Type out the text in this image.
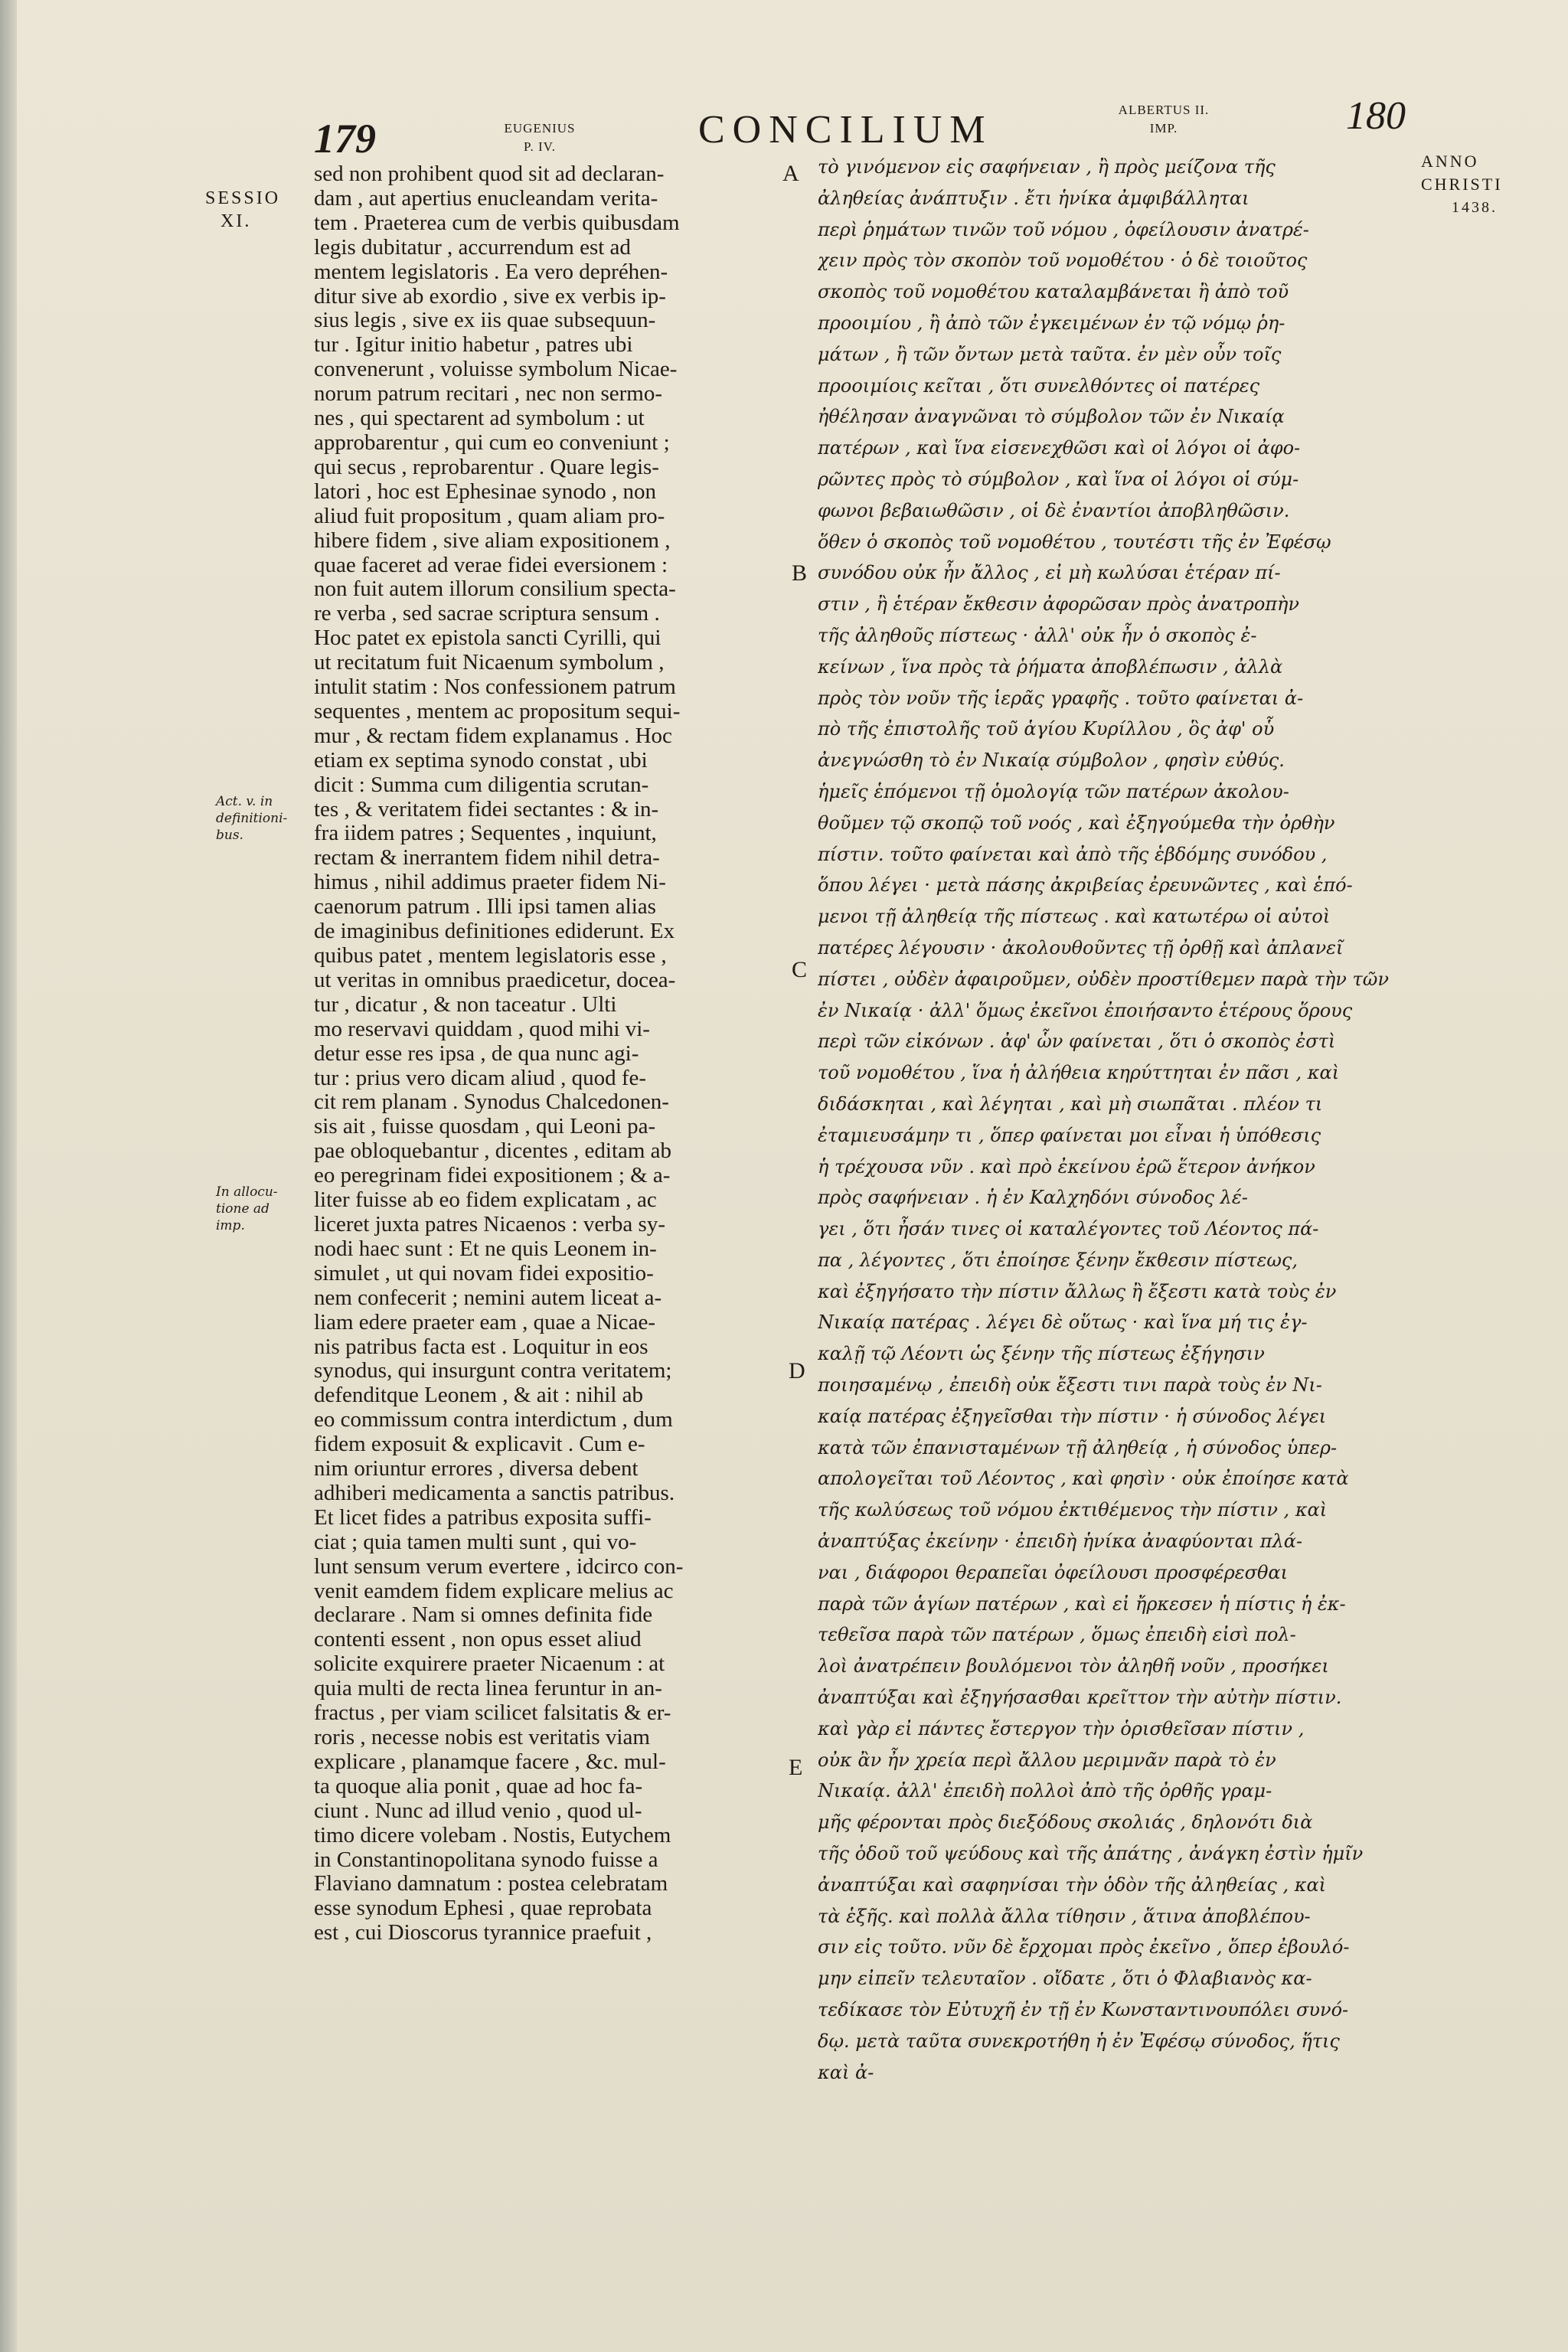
179	EUGENIUS
P. IV.	CONCILIUM	ALBERTUS II.
IMP.	180
SESSIO
XI.
ANNO
CHRISTI
1438.
Act. v. in
definitioni-
bus.
In allocu-
tione ad
imp.
A
B
C
D
E
sed non prohibent quod sit ad declaran-
dam , aut apertius enucleandam verita-
tem . Praeterea cum de verbis quibusdam
legis dubitatur , accurrendum est ad
mentem legislatoris . Ea vero depréhen-
ditur sive ab exordio , sive ex verbis ip-
sius legis , sive ex iis quae subsequun-
tur . Igitur initio habetur , patres ubi
convenerunt , voluisse symbolum Nicae-
norum patrum recitari , nec non sermo-
nes , qui spectarent ad symbolum : ut
approbarentur , qui cum eo conveniunt ;
qui secus , reprobarentur . Quare legis-
latori , hoc est Ephesinae synodo , non
aliud fuit propositum , quam aliam pro-
hibere fidem , sive aliam expositionem ,
quae faceret ad verae fidei eversionem :
non fuit autem illorum consilium specta-
re verba , sed sacrae scriptura sensum .
Hoc patet ex epistola sancti Cyrilli, qui
ut recitatum fuit Nicaenum symbolum ,
intulit statim : Nos confessionem patrum
sequentes , mentem ac propositum sequi-
mur , & rectam fidem explanamus . Hoc
etiam ex septima synodo constat , ubi
dicit : Summa cum diligentia scrutan-
tes , & veritatem fidei sectantes : & in-
fra iidem patres ; Sequentes , inquiunt,
rectam & inerrantem fidem nihil detra-
himus , nihil addimus praeter fidem Ni-
caenorum patrum . Illi ipsi tamen alias
de imaginibus definitiones ediderunt. Ex
quibus patet , mentem legislatoris esse ,
ut veritas in omnibus praedicetur, docea-
tur , dicatur , & non taceatur . Ulti
mo reservavi quiddam , quod mihi vi-
detur esse res ipsa , de qua nunc agi-
tur : prius vero dicam aliud , quod fe-
cit rem planam . Synodus Chalcedonen-
sis ait , fuisse quosdam , qui Leoni pa-
pae obloquebantur , dicentes , editam ab
eo peregrinam fidei expositionem ; & a-
liter fuisse ab eo fidem explicatam , ac
liceret juxta patres Nicaenos : verba sy-
nodi haec sunt : Et ne quis Leonem in-
simulet , ut qui novam fidei expositio-
nem confecerit ; nemini autem liceat a-
liam edere praeter eam , quae a Nicae-
nis patribus facta est . Loquitur in eos
synodus, qui insurgunt contra veritatem;
defenditque Leonem , & ait : nihil ab
eo commissum contra interdictum , dum
fidem exposuit & explicavit . Cum e-
nim oriuntur errores , diversa debent
adhiberi medicamenta a sanctis patribus.
Et licet fides a patribus exposita suffi-
ciat ; quia tamen multi sunt , qui vo-
lunt sensum verum evertere , idcirco con-
venit eamdem fidem explicare melius ac
declarare . Nam si omnes definita fide
contenti essent , non opus esset aliud
solicite exquirere praeter Nicaenum : at
quia multi de recta linea feruntur in an-
fractus , per viam scilicet falsitatis & er-
roris , necesse nobis est veritatis viam
explicare , planamque facere , &c. mul-
ta quoque alia ponit , quae ad hoc fa-
ciunt . Nunc ad illud venio , quod ul-
timo dicere volebam . Nostis, Eutychem
in Constantinopolitana synodo fuisse a
Flaviano damnatum : postea celebratam
esse synodum Ephesi , quae reprobata
est , cui Dioscorus tyrannice praefuit ,
τὸ γινόμενον εἰς σαφήνειαν , ἢ πρὸς μείζονα τῆς
ἀληθείας ἀνάπτυξιν . ἔτι ἡνίκα ἀμφιβάλληται
περὶ ῥημάτων τινῶν τοῦ νόμου , ὀφείλουσιν ἀνατρέ-
χειν πρὸς τὸν σκοπὸν τοῦ νομοθέτου · ὁ δὲ τοιοῦτος
σκοπὸς τοῦ νομοθέτου καταλαμβάνεται ἢ ἀπὸ τοῦ
προοιμίου , ἢ ἀπὸ τῶν ἐγκειμένων ἐν τῷ νόμῳ ῥη-
μάτων , ἢ τῶν ὄντων μετὰ ταῦτα. ἐν μὲν οὖν τοῖς
προοιμίοις κεῖται , ὅτι συνελθόντες οἱ πατέρες
ἠθέλησαν ἀναγνῶναι τὸ σύμβολον τῶν ἐν Νικαίᾳ
πατέρων , καὶ ἵνα εἰσενεχθῶσι καὶ οἱ λόγοι οἱ ἀφο-
ρῶντες πρὸς τὸ σύμβολον , καὶ ἵνα οἱ λόγοι οἱ σύμ-
φωνοι βεβαιωθῶσιν , οἱ δὲ ἐναντίοι ἀποβληθῶσιν.
ὅθεν ὁ σκοπὸς τοῦ νομοθέτου , τουτέστι τῆς ἐν Ἐφέσῳ
συνόδου οὐκ ἦν ἄλλος , εἰ μὴ κωλύσαι ἑτέραν πί-
στιν , ἢ ἑτέραν ἔκθεσιν ἀφορῶσαν πρὸς ἀνατροπὴν
τῆς ἀληθοῦς πίστεως · ἀλλ' οὐκ ἦν ὁ σκοπὸς ἐ-
κείνων , ἵνα πρὸς τὰ ῥήματα ἀποβλέπωσιν , ἀλλὰ
πρὸς τὸν νοῦν τῆς ἱερᾶς γραφῆς . τοῦτο φαίνεται ἀ-
πὸ τῆς ἐπιστολῆς τοῦ ἁγίου Κυρίλλου , ὃς ἀφ' οὗ
ἀνεγνώσθη τὸ ἐν Νικαίᾳ σύμβολον , φησὶν εὐθύς.
ἡμεῖς ἑπόμενοι τῇ ὁμολογίᾳ τῶν πατέρων ἀκολου-
θοῦμεν τῷ σκοπῷ τοῦ νοός , καὶ ἐξηγούμεθα τὴν ὀρθὴν
πίστιν. τοῦτο φαίνεται καὶ ἀπὸ τῆς ἑβδόμης συνόδου ,
ὅπου λέγει · μετὰ πάσης ἀκριβείας ἐρευνῶντες , καὶ ἑπό-
μενοι τῇ ἀληθείᾳ τῆς πίστεως . καὶ κατωτέρω οἱ αὐτοὶ
πατέρες λέγουσιν · ἀκολουθοῦντες τῇ ὀρθῇ καὶ ἀπλανεῖ
πίστει , οὐδὲν ἀφαιροῦμεν, οὐδὲν προστίθεμεν παρὰ τὴν τῶν
ἐν Νικαίᾳ · ἀλλ' ὅμως ἐκεῖνοι ἐποιήσαντο ἑτέρους ὅρους
περὶ τῶν εἰκόνων . ἀφ' ὧν φαίνεται , ὅτι ὁ σκοπὸς ἐστὶ
τοῦ νομοθέτου , ἵνα ἡ ἀλήθεια κηρύττηται ἐν πᾶσι , καὶ
διδάσκηται , καὶ λέγηται , καὶ μὴ σιωπᾶται . πλέον τι
ἐταμιευσάμην τι , ὅπερ φαίνεται μοι εἶναι ἡ ὑπόθεσις
ἡ τρέχουσα νῦν . καὶ πρὸ ἐκείνου ἐρῶ ἕτερον ἀνήκον
πρὸς σαφήνειαν . ἡ ἐν Καλχηδόνι σύνοδος λέ-
γει , ὅτι ἦσάν τινες οἱ καταλέγοντες τοῦ Λέοντος πά-
πα , λέγοντες , ὅτι ἐποίησε ξένην ἔκθεσιν πίστεως,
καὶ ἐξηγήσατο τὴν πίστιν ἄλλως ἢ ἔξεστι κατὰ τοὺς ἐν
Νικαίᾳ πατέρας . λέγει δὲ οὕτως · καὶ ἵνα μή τις ἐγ-
καλῇ τῷ Λέοντι ὡς ξένην τῆς πίστεως ἐξήγησιν
ποιησαμένῳ , ἐπειδὴ οὐκ ἔξεστι τινι παρὰ τοὺς ἐν Νι-
καίᾳ πατέρας ἐξηγεῖσθαι τὴν πίστιν · ἡ σύνοδος λέγει
κατὰ τῶν ἐπανισταμένων τῇ ἀληθείᾳ , ἡ σύνοδος ὑπερ-
απολογεῖται τοῦ Λέοντος , καὶ φησὶν · οὐκ ἐποίησε κατὰ
τῆς κωλύσεως τοῦ νόμου ἐκτιθέμενος τὴν πίστιν , καὶ
ἀναπτύξας ἐκείνην · ἐπειδὴ ἡνίκα ἀναφύονται πλά-
ναι , διάφοροι θεραπεῖαι ὀφείλουσι προσφέρεσθαι
παρὰ τῶν ἁγίων πατέρων , καὶ εἰ ἤρκεσεν ἡ πίστις ἡ ἐκ-
τεθεῖσα παρὰ τῶν πατέρων , ὅμως ἐπειδὴ εἰσὶ πολ-
λοὶ ἀνατρέπειν βουλόμενοι τὸν ἀληθῆ νοῦν , προσήκει
ἀναπτύξαι καὶ ἐξηγήσασθαι κρεῖττον τὴν αὐτὴν πίστιν.
καὶ γὰρ εἰ πάντες ἔστεργον τὴν ὁρισθεῖσαν πίστιν ,
οὐκ ἂν ἦν χρεία περὶ ἄλλου μεριμνᾶν παρὰ τὸ ἐν
Νικαίᾳ. ἀλλ' ἐπειδὴ πολλοὶ ἀπὸ τῆς ὀρθῆς γραμ-
μῆς φέρονται πρὸς διεξόδους σκολιάς , δηλονότι διὰ
τῆς ὁδοῦ τοῦ ψεύδους καὶ τῆς ἀπάτης , ἀνάγκη ἐστὶν ἡμῖν
ἀναπτύξαι καὶ σαφηνίσαι τὴν ὁδὸν τῆς ἀληθείας , καὶ
τὰ ἑξῆς. καὶ πολλὰ ἄλλα τίθησιν , ἅτινα ἀποβλέπου-
σιν εἰς τοῦτο. νῦν δὲ ἔρχομαι πρὸς ἐκεῖνο , ὅπερ ἐβουλό-
μην εἰπεῖν τελευταῖον . οἴδατε , ὅτι ὁ Φλαβιανὸς κα-
τεδίκασε τὸν Εὐτυχῆ ἐν τῇ ἐν Κωνσταντινουπόλει συνό-
δῳ. μετὰ ταῦτα συνεκροτήθη ἡ ἐν Ἐφέσῳ σύνοδος, ἥτις
καὶ ἀ-
